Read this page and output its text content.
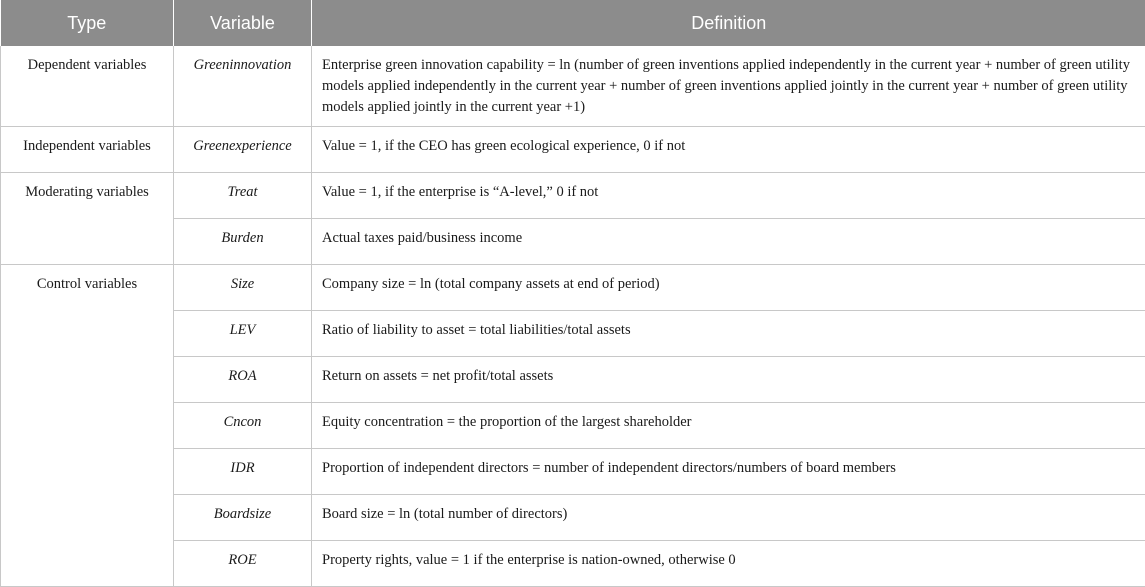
Type	Variable	Definition
Dependent variables	Greeninnovation	Enterprise green innovation capability = ln (number of green inventions applied independently in the current year + number of green utility models applied independently in the current year + number of green inventions applied jointly in the current year + number of green utility models applied jointly in the current year +1)
Independent variables	Greenexperience	Value = 1, if the CEO has green ecological experience, 0 if not
Moderating variables	Treat	Value = 1, if the enterprise is “A-level,” 0 if not
	Burden	Actual taxes paid/business income
Control variables	Size	Company size = ln (total company assets at end of period)
	LEV	Ratio of liability to asset = total liabilities/total assets
	ROA	Return on assets = net profit/total assets
	Cncon	Equity concentration = the proportion of the largest shareholder
	IDR	Proportion of independent directors = number of independent directors/numbers of board members
	Boardsize	Board size = ln (total number of directors)
	ROE	Property rights, value = 1 if the enterprise is nation-owned, otherwise 0
